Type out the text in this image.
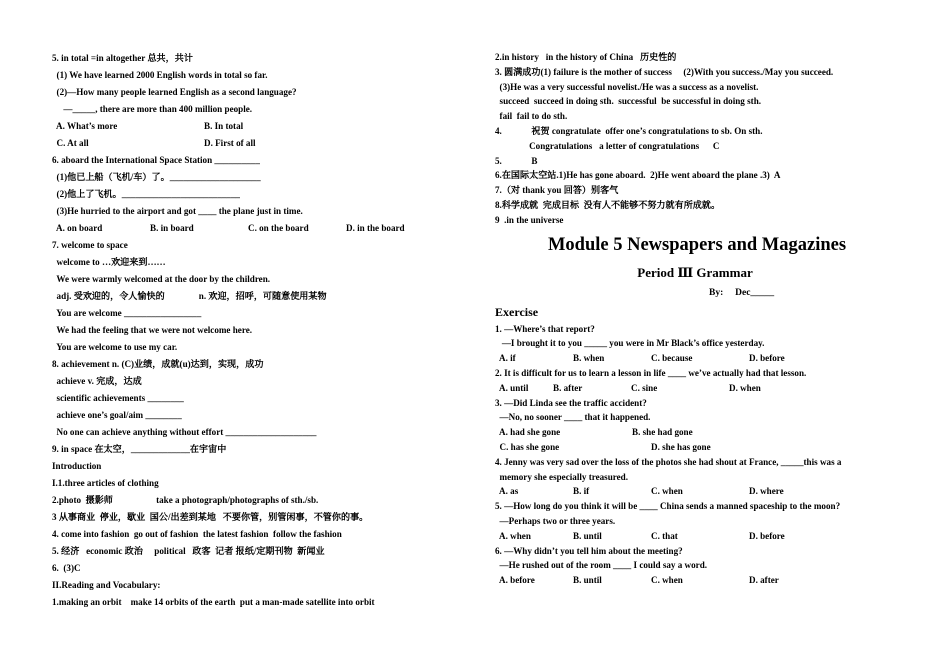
5. in total =in altogether 总共，共计
(1) We have learned 2000 English words in total so far.
(2)—How many people learned English as a second language?
—_____, there are more than 400 million people.
A. What’s more	B. In total
C. At all	D. First of all
6. aboard the International Space Station __________
(1)他已上船（飞机/车）了。____________________
(2)他上了飞机。__________________________
(3)He hurried to the airport and got ____ the plane just in time.
A. on board	B. in board	C. on the board	D. in the board
7. welcome to space
welcome to …欢迎来到……
We were warmly welcomed at the door by the children.
adj. 受欢迎的，令人愉快的               n. 欢迎，招呼，可随意使用某物
You are welcome _________________
We had the feeling that we were not welcome here.
You are welcome to use my car.
8. achievement n. (C)业绩，成就(u)达到，实现，成功
achieve v. 完成，达成
scientific achievements ________
achieve one’s goal/aim ________
No one can achieve anything without effort ____________________
9. in space 在太空，_____________在宇宙中
Introduction
I.1.three articles of clothing
2.photo  摄影师                   take a photograph/photographs of sth./sb.
3 从事商业  停业，歇业  国公/出差到某地   不要你管，别管闲事，不管你的事。
4. come into fashion  go out of fashion  the latest fashion  follow the fashion
5. 经济   economic 政治     political   政客  记者 报纸/定期刊物  新闻业
6.  (3)C
II.Reading and Vocabulary:
1.making an orbit    make 14 orbits of the earth  put a man-made satellite into orbit
2.in history   in the history of China   历史性的
3. 圆满成功(1) failure is the mother of success     (2)With you success./May you succeed.
(3)He was a very successful novelist./He was a success as a novelist.
succeed  succeed in doing sth.  successful  be successful in doing sth.
fail  fail to do sth.
4.             祝贺 congratulate  offer one’s congratulations to sb. On sth.
Congratulations   a letter of congratulations      C
5.             B
6.在国际太空站.1)He has gone aboard.  2)He went aboard the plane .3)  A
7.（对 thank you 回答）别客气
8.科学成就  完成目标  没有人不能够不努力就有所成就。
9  .in the universe
Module 5 Newspapers and Magazines
Period Ⅲ Grammar
By:     Dec_____
Exercise
1. —Where’s that report?
—I brought it to you _____ you were in Mr Black’s office yesterday.
A. if	B. when	C. because	D. before
2. It is difficult for us to learn a lesson in life ____ we’ve actually had that lesson.
A. until	B. after	C. sine	D. when
3. —Did Linda see the traffic accident?
—No, no sooner ____ that it happened.
A. had she gone	B. she had gone
C. has she gone	D. she has gone
4. Jenny was very sad over the loss of the photos she had shout at France, _____this was a
memory she especially treasured.
A. as	B. if	C. when	D. where
5. —How long do you think it will be ____ China sends a manned spaceship to the moon?
—Perhaps two or three years.
A. when	B. until	C. that	D. before
6. —Why didn’t you tell him about the meeting?
—He rushed out of the room ____ I could say a word.
A. before	B. until	C. when	D. after
